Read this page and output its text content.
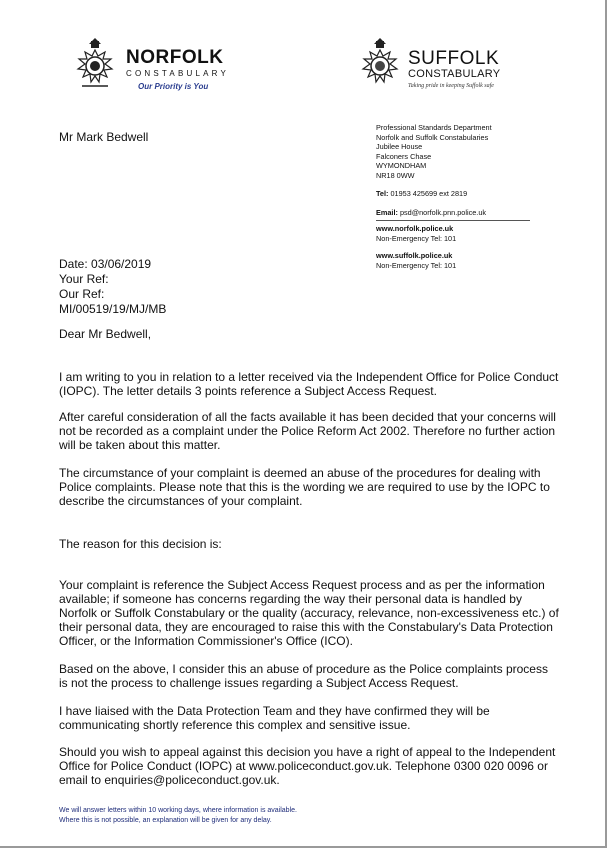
NORFOLK
CONSTABULARY
Our Priority is You
SUFFOLK
CONSTABULARY
Taking pride in keeping Suffolk safe
Mr Mark Bedwell
Professional Standards Department
Norfolk and Suffolk Constabularies
Jubilee House
Falconers Chase
WYMONDHAM
NR18 0WW
Tel: 01953 425699 ext 2819
Email: psd@norfolk.pnn.police.uk
www.norfolk.police.uk
Non-Emergency Tel: 101
www.suffolk.police.uk
Non-Emergency Tel: 101
Date: 03/06/2019
Your Ref:
Our Ref:
MI/00519/19/MJ/MB
Dear Mr Bedwell,
I am writing to you in relation to a letter received via the Independent Office for Police Conduct (IOPC). The letter details 3 points reference a Subject Access Request.
After careful consideration of all the facts available it has been decided that your concerns will not be recorded as a complaint under the Police Reform Act 2002. Therefore no further action will be taken about this matter.
The circumstance of your complaint is deemed an abuse of the procedures for dealing with Police complaints. Please note that this is the wording we are required to use by the IOPC to describe the circumstances of your complaint.
The reason for this decision is:
Your complaint is reference the Subject Access Request process and as per the information available; if someone has concerns regarding the way their personal data is handled by Norfolk or Suffolk Constabulary or the quality (accuracy, relevance, non-excessiveness etc.) of their personal data, they are encouraged to raise this with the Constabulary's Data Protection Officer, or the Information Commissioner's Office (ICO).
Based on the above, I consider this an abuse of procedure as the Police complaints process is not the process to challenge issues regarding a Subject Access Request.
I have liaised with the Data Protection Team and they have confirmed they will be communicating shortly reference this complex and sensitive issue.
Should you wish to appeal against this decision you have a right of appeal to the Independent Office for Police Conduct (IOPC) at www.policeconduct.gov.uk. Telephone 0300 020 0096 or email to enquiries@policeconduct.gov.uk.
We will answer letters within 10 working days, where information is available.
Where this is not possible, an explanation will be given for any delay.
